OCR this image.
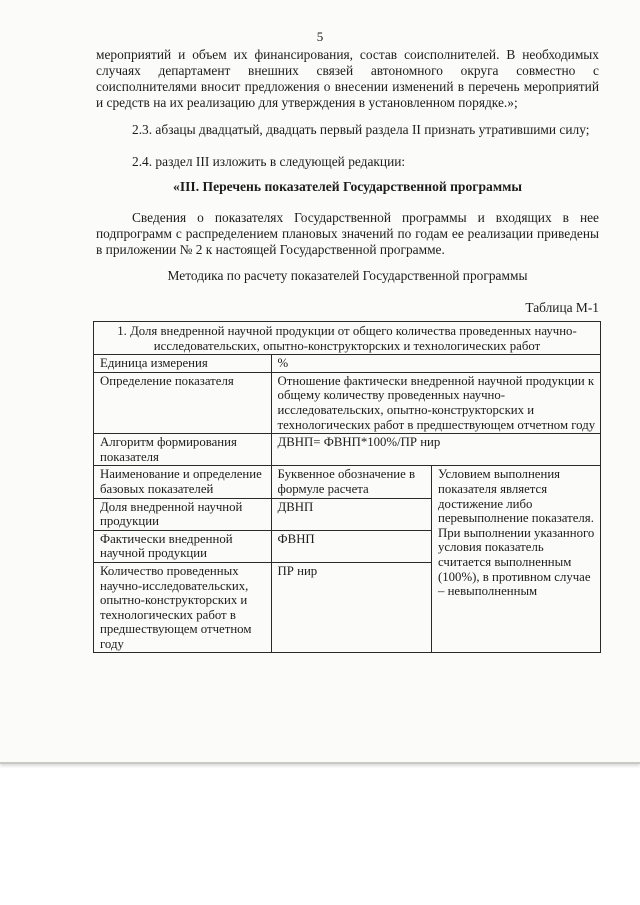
5

мероприятий и объем их финансирования, состав соисполнителей. В необходимых случаях департамент внешних связей автономного округа совместно с соисполнителями вносит предложения о внесении изменений в перечень мероприятий и средств на их реализацию для утверждения в установленном порядке.»;

2.3. абзацы двадцатый, двадцать первый раздела II признать утратившими силу;

2.4. раздел III изложить в следующей редакции:

«III. Перечень показателей Государственной программы

Сведения о показателях Государственной программы и входящих в нее подпрограмм с распределением плановых значений по годам ее реализации приведены в приложении № 2 к настоящей Государственной программе.

Методика по расчету показателей Государственной программы

Таблица М-1

1. Доля внедренной научной продукции от общего количества проведенных научно-исследовательских, опытно-конструкторских и технологических работ		
Единица измерения	%	
Определение показателя	Отношение фактически внедренной научной продукции к общему количеству проведенных научно-исследовательских, опытно-конструкторских и технологических работ в предшествующем отчетном году	
Алгоритм формирования показателя	ДВНП= ФВНП*100%/ПР нир	
Наименование и определение базовых показателей	Буквенное обозначение в формуле расчета	Условием выполнения показателя является достижение либо перевыполнение показателя. При выполнении указанного условия показатель считается выполненным (100%), в противном случае – невыполненным
Доля внедренной научной продукции	ДВНП	
Фактически внедренной научной продукции	ФВНП	
Количество проведенных научно-исследовательских, опытно-конструкторских и технологических работ в предшествующем отчетном году	ПР нир	
